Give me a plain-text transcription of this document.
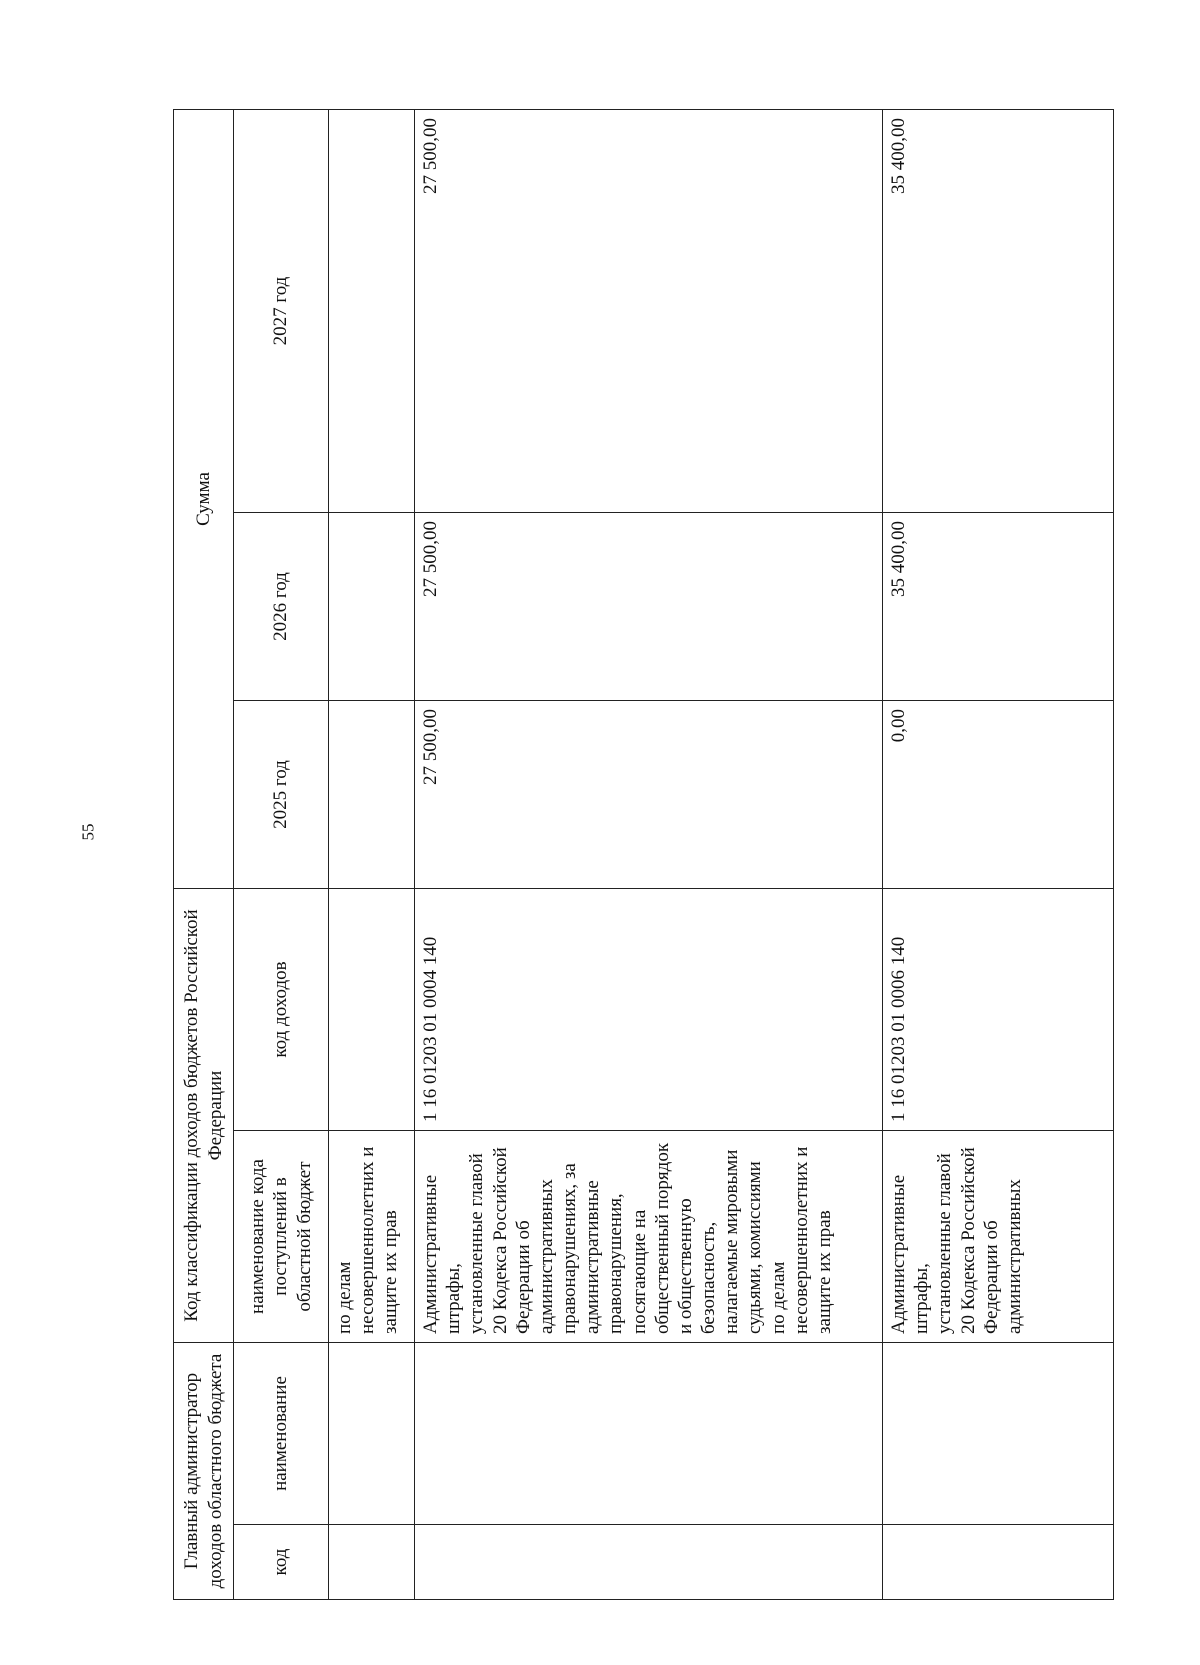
55
Главный администратор доходов областного бюджета		Код классификации доходов бюджетов Российской Федерации		Сумма		
код	наименование	наименование кода поступлений в областной бюджет	код доходов	2025 год	2026 год	2027 год
		по делам несовершеннолетних и защите их прав				
		Административные штрафы, установленные главой 20 Кодекса Российской Федерации об административных правонарушениях, за административные правонарушения, посягающие на общественный порядок и общественную безопасность, налагаемые мировыми судьями, комиссиями по делам несовершеннолетних и защите их прав	1 16 01203 01 0004 140	27 500,00	27 500,00	27 500,00
		Административные штрафы, установленные главой 20 Кодекса Российской Федерации об административных	1 16 01203 01 0006 140	0,00	35 400,00	35 400,00
